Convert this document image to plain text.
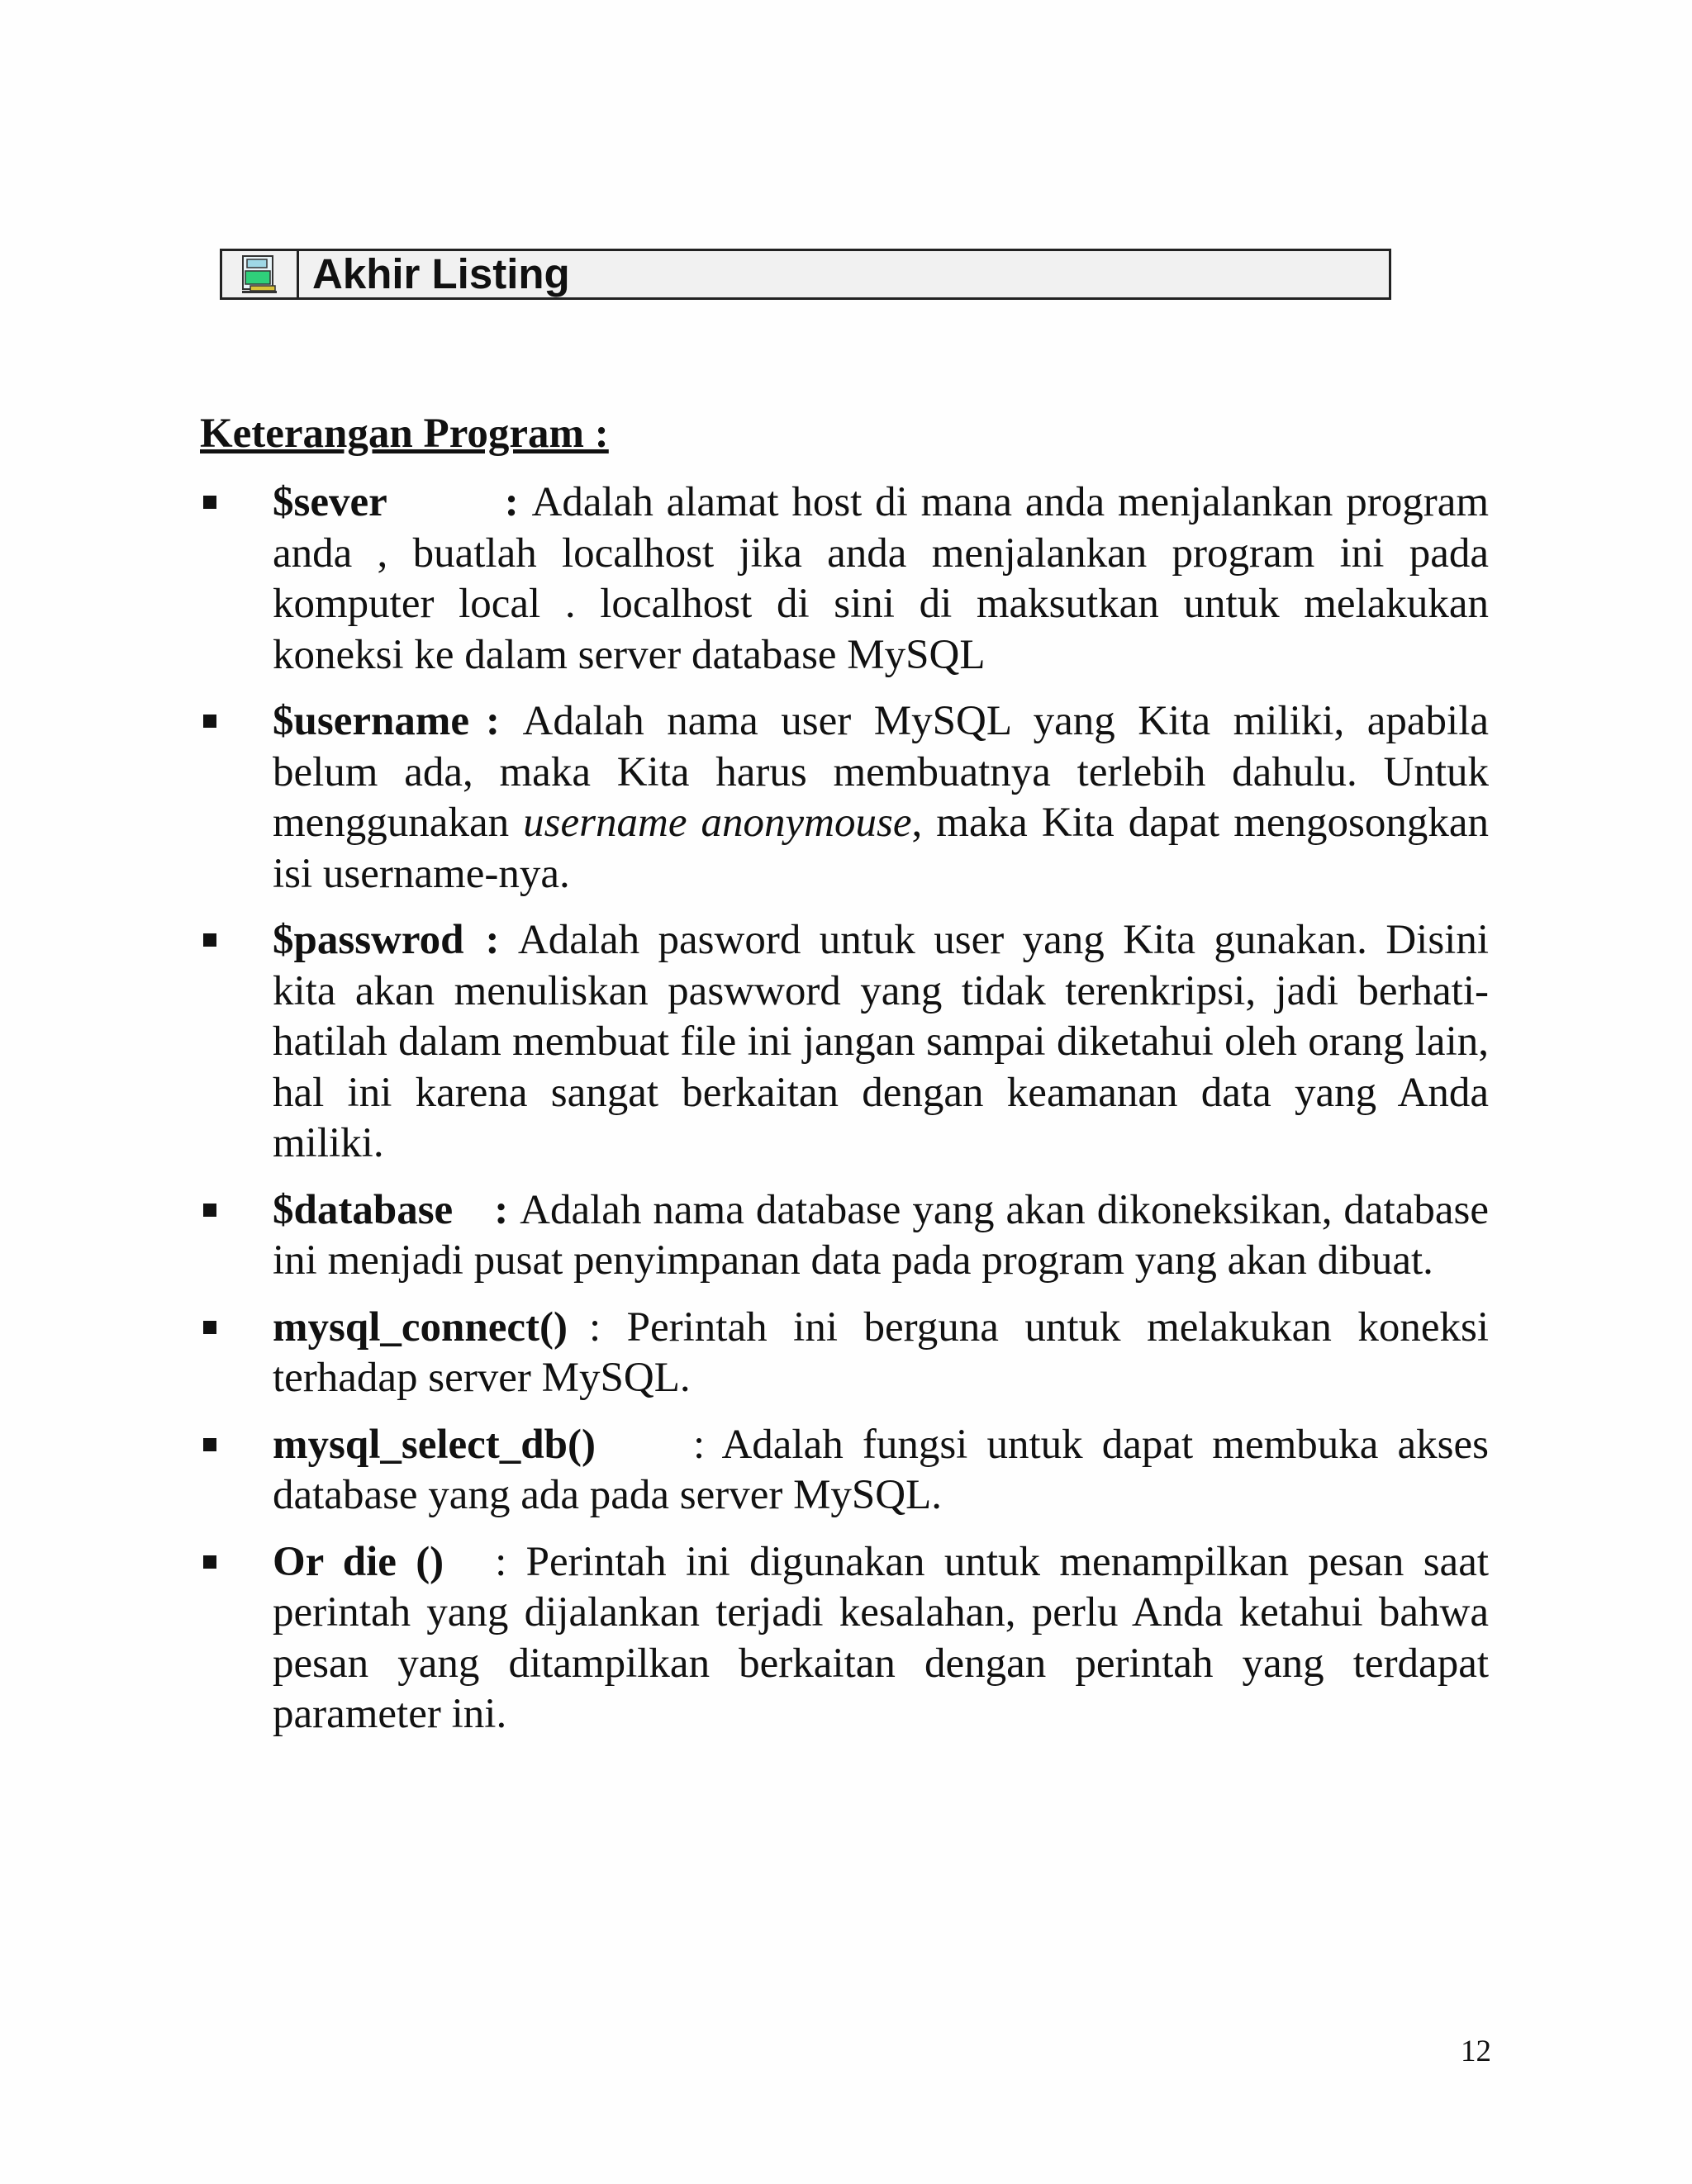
Akhir Listing
Keterangan Program :
$sever	: Adalah alamat host di mana anda menjalankan program anda , buatlah localhost jika anda menjalankan program ini pada komputer local . localhost di sini di maksutkan untuk melakukan koneksi ke dalam server database MySQL
$username : Adalah nama user MySQL yang Kita miliki, apabila belum ada, maka Kita harus membuatnya terlebih dahulu. Untuk menggunakan username anonymouse, maka Kita dapat mengosongkan isi username-nya.
$passwrod : Adalah pasword untuk user yang Kita gunakan. Disini kita akan menuliskan paswword yang tidak terenkripsi, jadi berhati-hatilah dalam membuat file ini jangan sampai diketahui oleh orang lain, hal ini karena sangat berkaitan dengan keamanan data yang Anda miliki.
$database : Adalah nama database yang akan dikoneksikan, database ini menjadi pusat penyimpanan data pada program yang akan dibuat.
mysql_connect() : Perintah ini berguna untuk melakukan koneksi terhadap server MySQL.
mysql_select_db() : Adalah fungsi untuk dapat membuka akses database yang ada pada server MySQL.
Or die () : Perintah ini digunakan untuk menampilkan pesan saat perintah yang dijalankan terjadi kesalahan, perlu Anda ketahui bahwa pesan yang ditampilkan berkaitan dengan perintah yang terdapat parameter ini.
12
